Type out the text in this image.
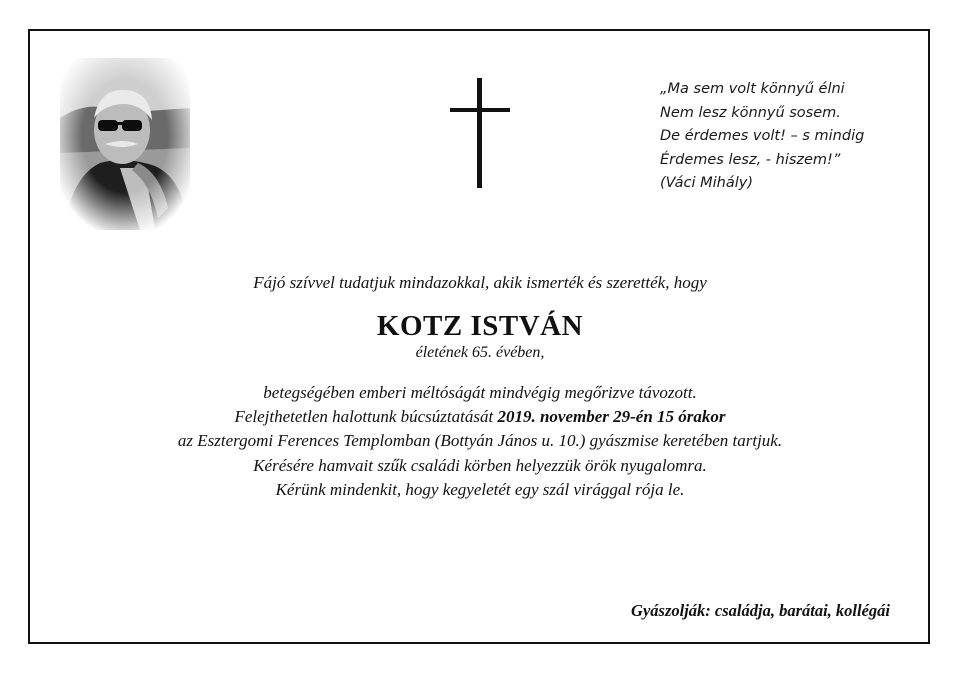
„Ma sem volt könnyű élni
Nem lesz könnyű sosem.
De érdemes volt! – s mindig
Érdemes lesz, - hiszem!”
(Váci Mihály)
Fájó szívvel tudatjuk mindazokkal, akik ismerték és szerették, hogy
KOTZ ISTVÁN
életének 65. évében,
betegségében emberi méltóságát mindvégig megőrizve távozott.
Felejthetetlen halottunk búcsúztatását 2019. november 29-én 15 órakor
az Esztergomi Ferences Templomban (Bottyán János u. 10.) gyászmise keretében tartjuk.
Kérésére hamvait szűk családi körben helyezzük örök nyugalomra.
Kérünk mindenkit, hogy kegyeletét egy szál virággal rója le.
Gyászolják: családja, barátai, kollégái
